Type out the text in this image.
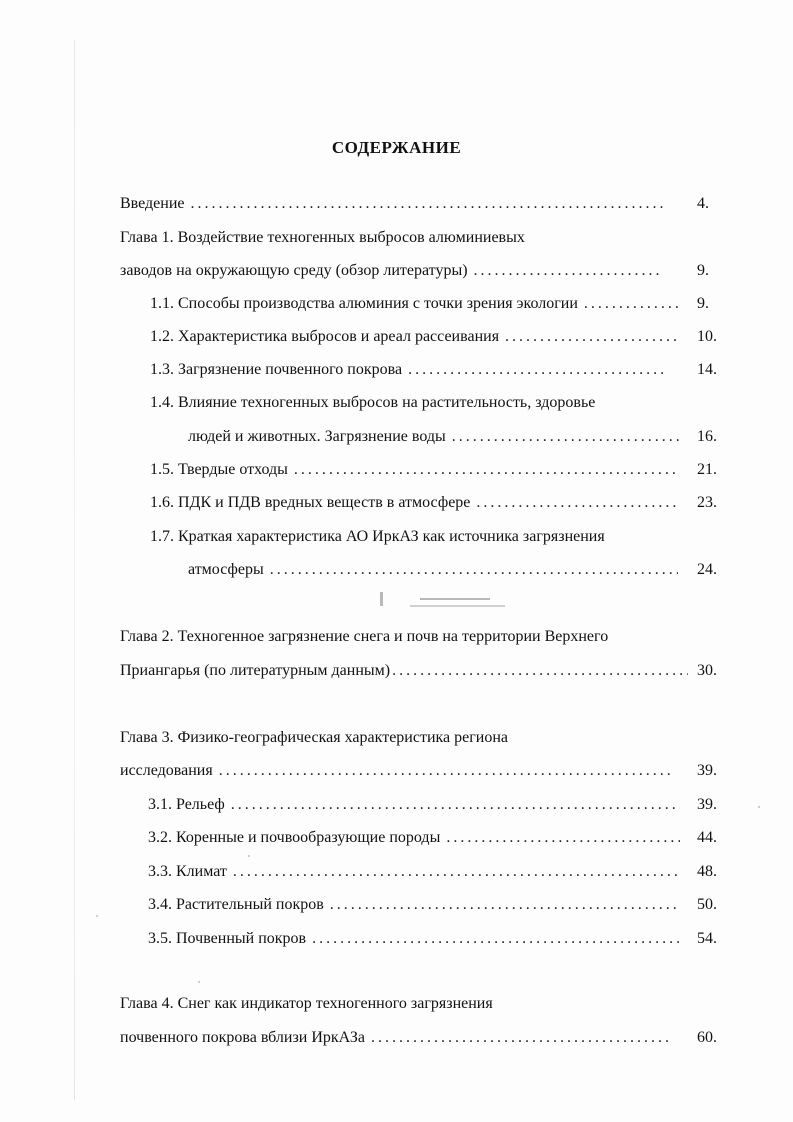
СОДЕРЖАНИЕ
Введение .....	4.
Глава 1. Воздействие техногенных выбросов алюминиевых
заводов на окружающую среду (обзор литературы) .....	9.
1.1. Способы производства алюминия с точки зрения экологии .....	9.
1.2. Характеристика выбросов и ареал рассеивания .....	10.
1.3. Загрязнение почвенного покрова .....	14.
1.4. Влияние техногенных выбросов на растительность, здоровье
людей и животных. Загрязнение воды .....	16.
1.5. Твердые отходы .....	21.
1.6. ПДК и ПДВ вредных веществ в атмосфере .....	23.
1.7. Краткая характеристика АО ИркАЗ как источника загрязнения
атмосферы .....	24.
Глава 2. Техногенное загрязнение снега и почв на территории Верхнего
Приангарья (по литературным данным) .....	30.
Глава 3. Физико-географическая характеристика региона
исследования .....	39.
3.1. Рельеф .....	39.
3.2. Коренные и почвообразующие породы .....	44.
3.3. Климат .....	48.
3.4. Растительный покров .....	50.
3.5. Почвенный покров .....	54.
Глава 4. Снег как индикатор техногенного загрязнения
почвенного покрова вблизи ИркАЗа .....	60.
